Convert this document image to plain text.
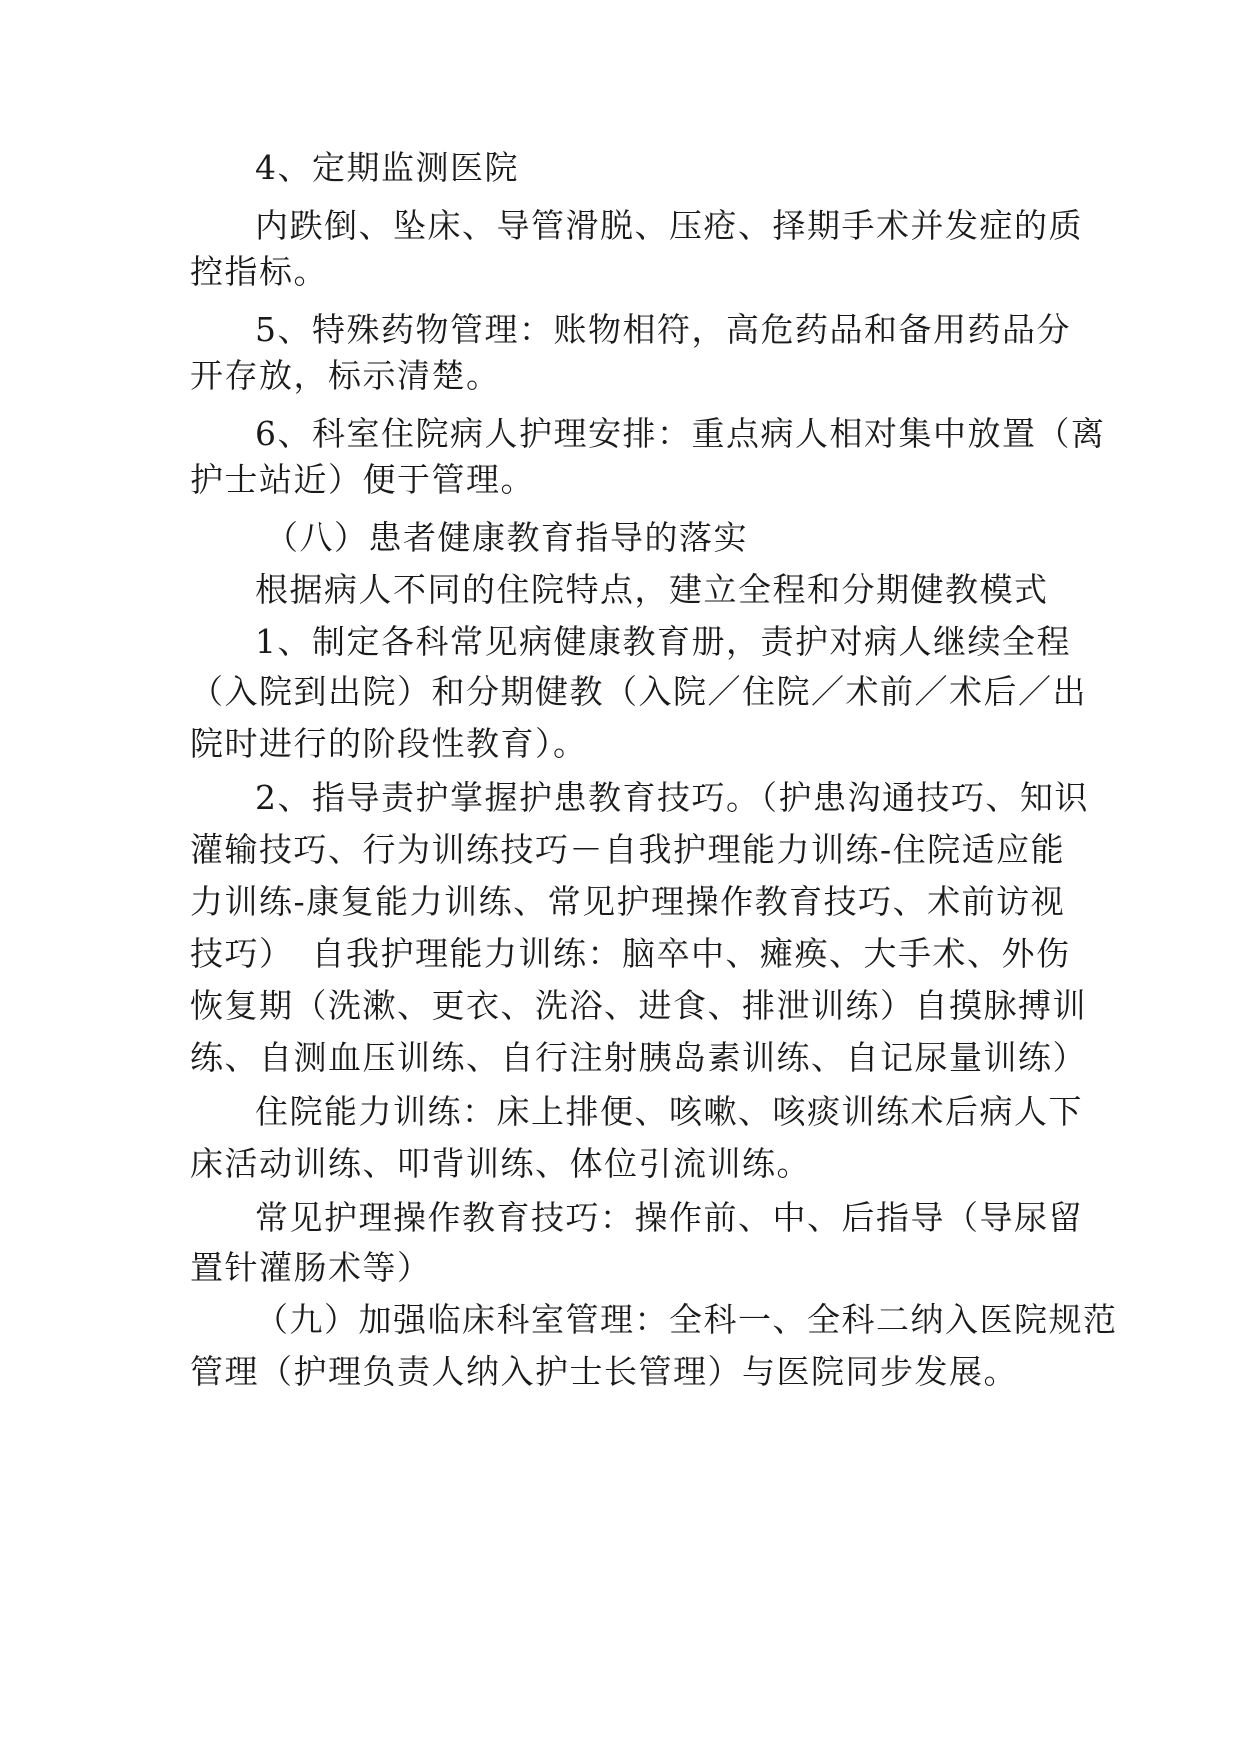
4、定期监测医院

内跌倒、坠床、导管滑脱、压疮、择期手术并发症的质

控指标。

5、特殊药物管理：账物相符，高危药品和备用药品分

开存放，标示清楚。

6、科室住院病人护理安排：重点病人相对集中放置（离

护士站近）便于管理。

（八）患者健康教育指导的落实

根据病人不同的住院特点，建立全程和分期健教模式

1、制定各科常见病健康教育册，责护对病人继续全程

（入院到出院）和分期健教（入院／住院／术前／术后／出

院时进行的阶段性教育）。

2、指导责护掌握护患教育技巧。（护患沟通技巧、知识

灌输技巧、行为训练技巧－自我护理能力训练-住院适应能

力训练-康复能力训练、常见护理操作教育技巧、术前访视

技巧）　自我护理能力训练：脑卒中、瘫痪、大手术、外伤

恢复期（洗漱、更衣、洗浴、进食、排泄训练）自摸脉搏训

练、自测血压训练、自行注射胰岛素训练、自记尿量训练）

住院能力训练：床上排便、咳嗽、咳痰训练术后病人下

床活动训练、叩背训练、体位引流训练。

常见护理操作教育技巧：操作前、中、后指导（导尿留

置针灌肠术等）

（九）加强临床科室管理：全科一、全科二纳入医院规范

管理（护理负责人纳入护士长管理）与医院同步发展。
